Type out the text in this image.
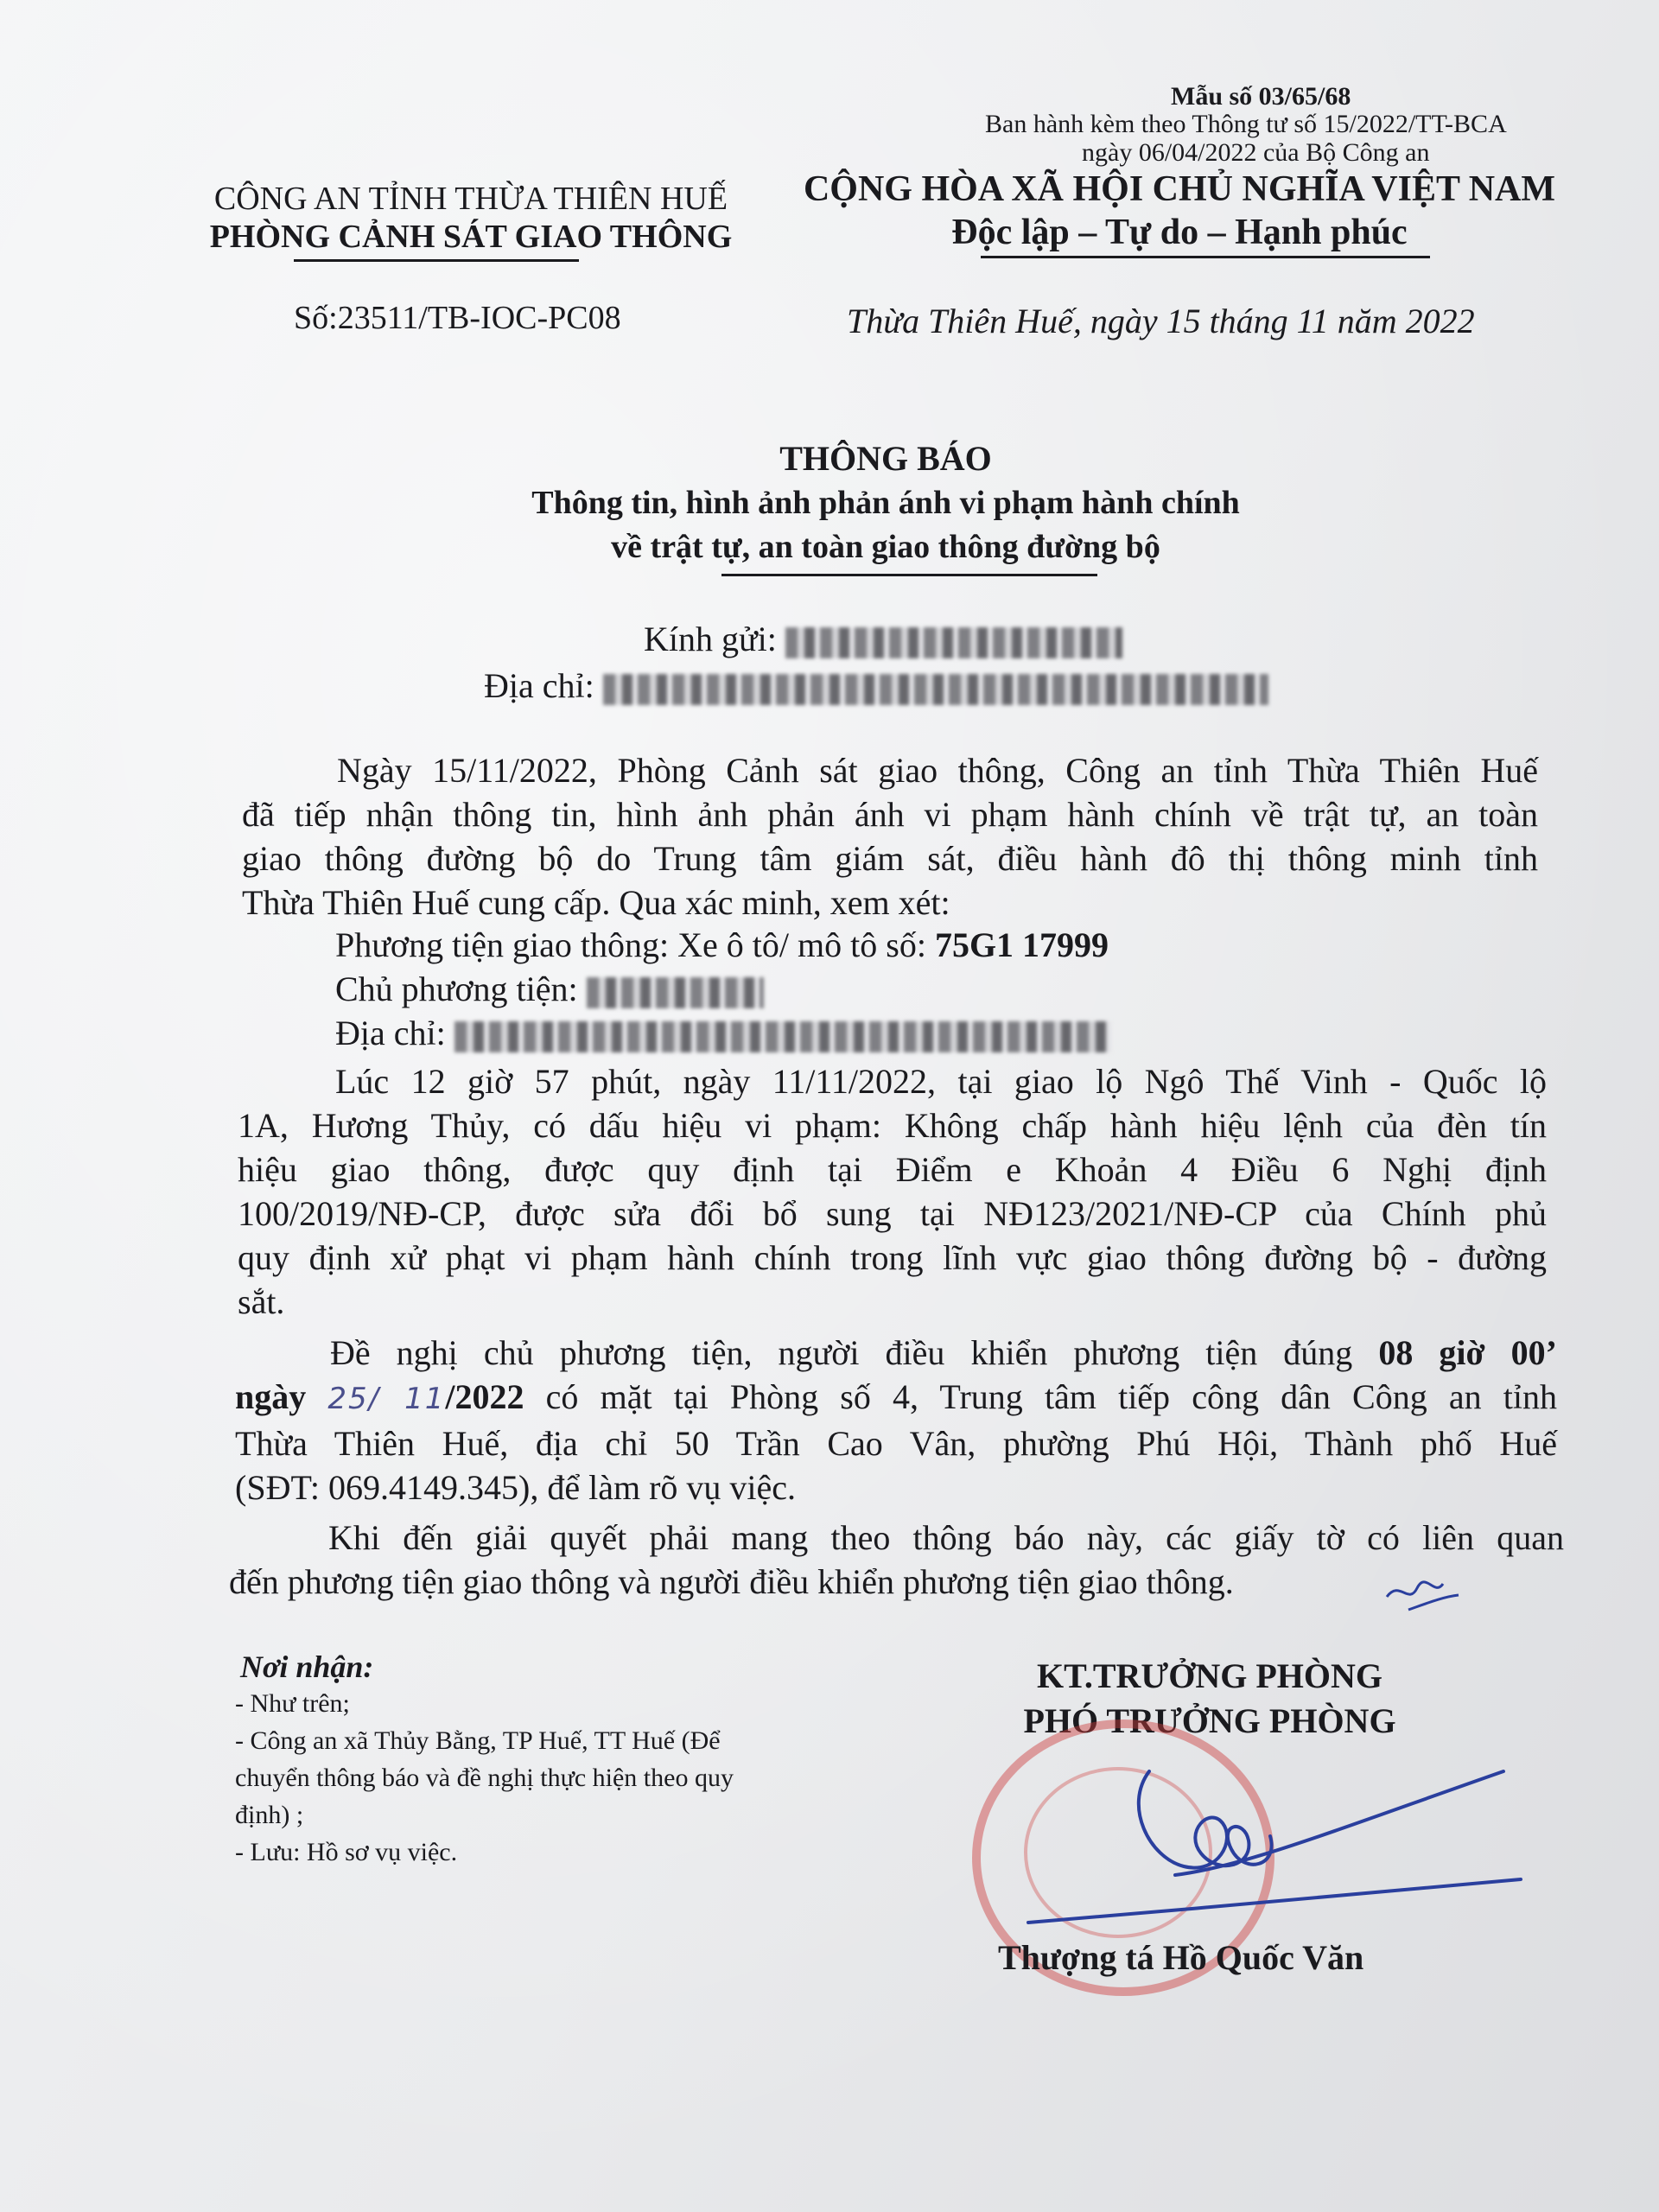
Mẫu số 03/65/68
Ban hành kèm theo Thông tư số 15/2022/TT-BCA
ngày 06/04/2022 của Bộ Công an
CÔNG AN TỈNH THỪA THIÊN HUẾ
PHÒNG CẢNH SÁT GIAO THÔNG
Số:23511/TB-IOC-PC08
CỘNG HÒA XÃ HỘI CHỦ NGHĨA VIỆT NAM
Độc lập – Tự do – Hạnh phúc
Thừa Thiên Huế, ngày 15 tháng 11 năm 2022
THÔNG BÁO
Thông tin, hình ảnh phản ánh vi phạm hành chính
về trật tự, an toàn giao thông đường bộ
Kính gửi:
Địa chỉ:
Ngày 15/11/2022, Phòng Cảnh sát giao thông, Công an tỉnh Thừa Thiên Huế
đã tiếp nhận thông tin, hình ảnh phản ánh vi phạm hành chính về trật tự, an toàn
giao thông đường bộ do Trung tâm giám sát, điều hành đô thị thông minh tỉnh
Thừa Thiên Huế cung cấp. Qua xác minh, xem xét:
Phương tiện giao thông: Xe ô tô/ mô tô số: 75G1 17999
Chủ phương tiện:
Địa chỉ:
Lúc 12 giờ 57 phút, ngày 11/11/2022, tại giao lộ Ngô Thế Vinh - Quốc lộ
1A, Hương Thủy, có dấu hiệu vi phạm: Không chấp hành hiệu lệnh của đèn tín
hiệu giao thông, được quy định tại Điểm e Khoản 4 Điều 6 Nghị định
100/2019/NĐ-CP, được sửa đổi bổ sung tại NĐ123/2021/NĐ-CP của Chính phủ
quy định xử phạt vi phạm hành chính trong lĩnh vực giao thông đường bộ - đường
sắt.
Đề nghị chủ phương tiện, người điều khiển phương tiện đúng 08 giờ 00’
ngày 25/ 11/2022 có mặt tại Phòng số 4, Trung tâm tiếp công dân Công an tỉnh
Thừa Thiên Huế, địa chỉ 50 Trần Cao Vân, phường Phú Hội, Thành phố Huế
(SĐT: 069.4149.345), để làm rõ vụ việc.
Khi đến giải quyết phải mang theo thông báo này, các giấy tờ có liên quan
đến phương tiện giao thông và người điều khiển phương tiện giao thông.
Nơi nhận:
- Như trên;
- Công an xã Thủy Bằng, TP Huế, TT Huế (Để
chuyển thông báo và đề nghị thực hiện theo quy
định) ;
- Lưu: Hồ sơ vụ việc.
KT.TRƯỞNG PHÒNG
PHÓ TRƯỞNG PHÒNG
Thượng tá Hồ Quốc Văn
